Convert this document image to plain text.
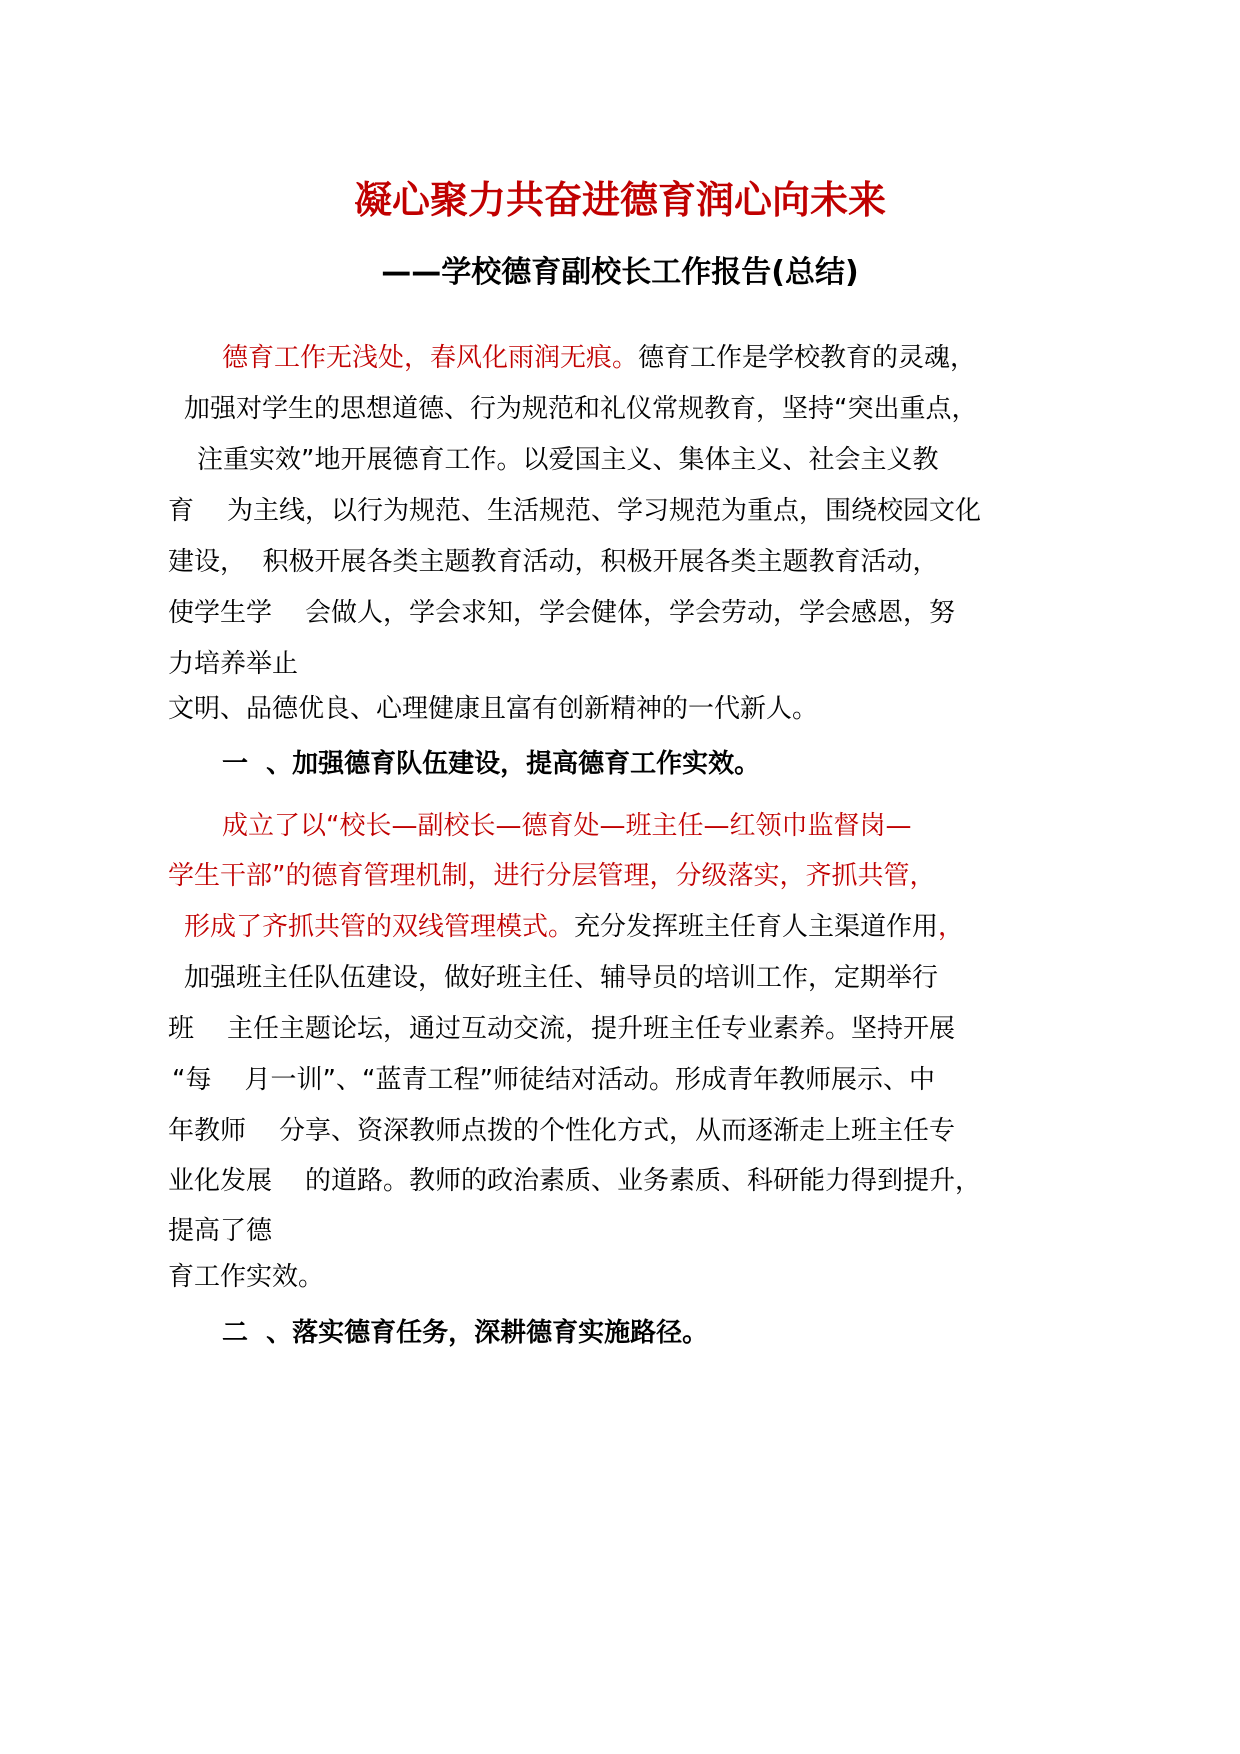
凝心聚力共奋进德育润心向未来
——学校德育副校长工作报告(总结)
德育工作无浅处，春风化雨润无痕。德育工作是学校教育的灵魂，
加强对学生的思想道德、行为规范和礼仪常规教育，坚持“突出重点，
注重实效”地开展德育工作。以爱国主义、集体主义、社会主义教
育    为主线，以行为规范、生活规范、学习规范为重点，围绕校园文化
建设，  积极开展各类主题教育活动，积极开展各类主题教育活动，
使学生学    会做人，学会求知，学会健体，学会劳动，学会感恩，努
力培养举止
文明、品德优良、心理健康且富有创新精神的一代新人。
一  、加强德育队伍建设，提高德育工作实效。
成立了以“校长—副校长—德育处—班主任—红领巾监督岗—
学生干部”的德育管理机制，进行分层管理，分级落实，齐抓共管，
形成了齐抓共管的双线管理模式。充分发挥班主任育人主渠道作用，
加强班主任队伍建设，做好班主任、辅导员的培训工作，定期举行
班    主任主题论坛，通过互动交流，提升班主任专业素养。坚持开展
“每    月一训”、“蓝青工程”师徒结对活动。形成青年教师展示、中
年教师    分享、资深教师点拨的个性化方式，从而逐渐走上班主任专
业化发展    的道路。教师的政治素质、业务素质、科研能力得到提升，
提高了德
育工作实效。
二  、落实德育任务，深耕德育实施路径。
